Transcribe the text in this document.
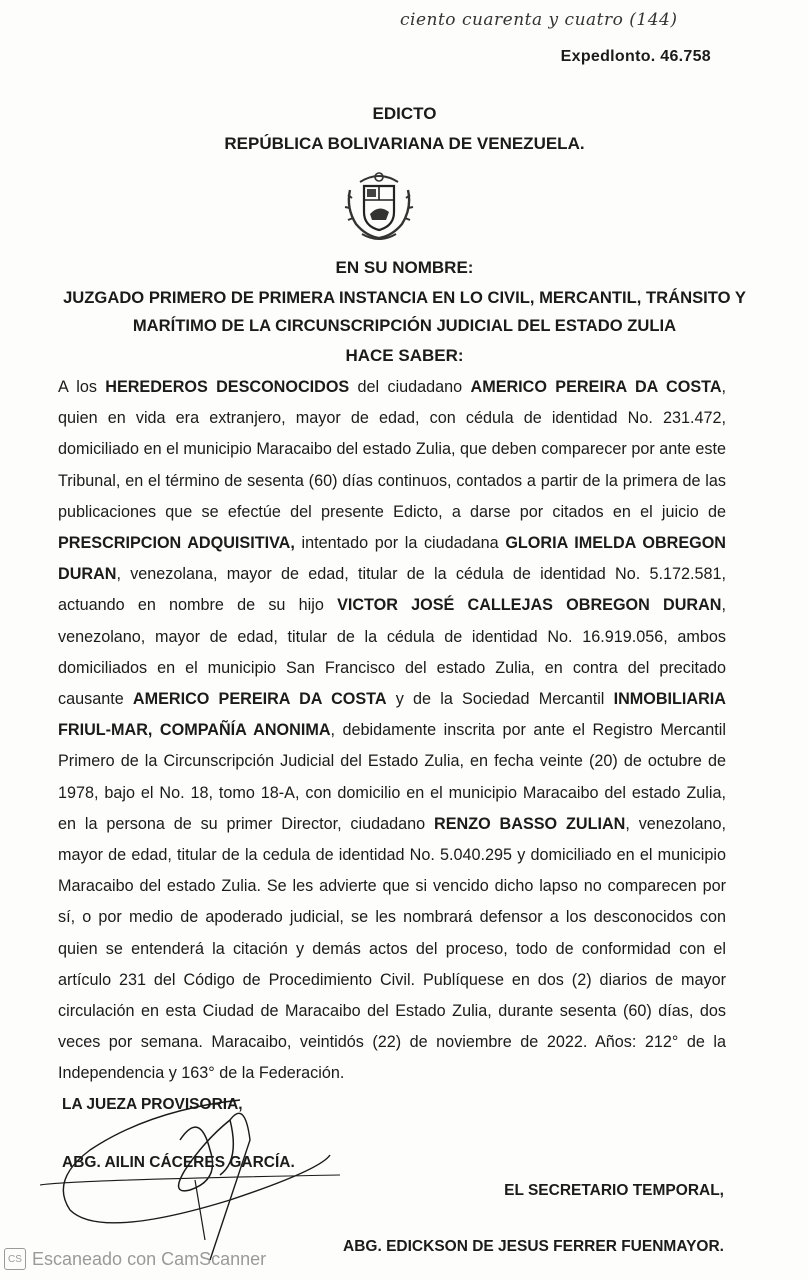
ciento cuarenta y cuatro (144)
Expedlonto. 46.758
EDICTO
REPÚBLICA BOLIVARIANA DE VENEZUELA.
EN SU NOMBRE:
JUZGADO PRIMERO DE PRIMERA INSTANCIA EN LO CIVIL, MERCANTIL, TRÁNSITO Y
MARÍTIMO DE LA CIRCUNSCRIPCIÓN JUDICIAL DEL ESTADO ZULIA
HACE SABER:

A los HEREDEROS DESCONOCIDOS del ciudadano AMERICO PEREIRA DA COSTA, quien en vida era extranjero, mayor de edad, con cédula de identidad No. 231.472, domiciliado en el municipio Maracaibo del estado Zulia, que deben comparecer por ante este Tribunal, en el término de sesenta (60) días continuos, contados a partir de la primera de las publicaciones que se efectúe del presente Edicto, a darse por citados en el juicio de PRESCRIPCION ADQUISITIVA, intentado por la ciudadana GLORIA IMELDA OBREGON DURAN, venezolana, mayor de edad, titular de la cédula de identidad No. 5.172.581, actuando en nombre de su hijo VICTOR JOSÉ CALLEJAS OBREGON DURAN, venezolano, mayor de edad, titular de la cédula de identidad No. 16.919.056, ambos domiciliados en el municipio San Francisco del estado Zulia, en contra del precitado causante AMERICO PEREIRA DA COSTA y de la Sociedad Mercantil INMOBILIARIA FRIUL-MAR, COMPAÑÍA ANONIMA, debidamente inscrita por ante el Registro Mercantil Primero de la Circunscripción Judicial del Estado Zulia, en fecha veinte (20) de octubre de 1978, bajo el No. 18, tomo 18-A, con domicilio en el municipio Maracaibo del estado Zulia, en la persona de su primer Director, ciudadano RENZO BASSO ZULIAN, venezolano, mayor de edad, titular de la cedula de identidad No. 5.040.295 y domiciliado en el municipio Maracaibo del estado Zulia. Se les advierte que si vencido dicho lapso no comparecen por sí, o por medio de apoderado judicial, se les nombrará defensor a los desconocidos con quien se entenderá la citación y demás actos del proceso, todo de conformidad con el artículo 231 del Código de Procedimiento Civil. Publíquese en dos (2) diarios de mayor circulación en esta Ciudad de Maracaibo del Estado Zulia, durante sesenta (60) días, dos veces por semana. Maracaibo, veintidós (22) de noviembre de 2022. Años: 212° de la Independencia y 163° de la Federación.

LA JUEZA PROVISORIA,
ABG. AILIN CÁCERES GARCÍA.
EL SECRETARIO TEMPORAL,
ABG. EDICKSON DE JESUS FERRER FUENMAYOR.
CS Escaneado con CamScanner
